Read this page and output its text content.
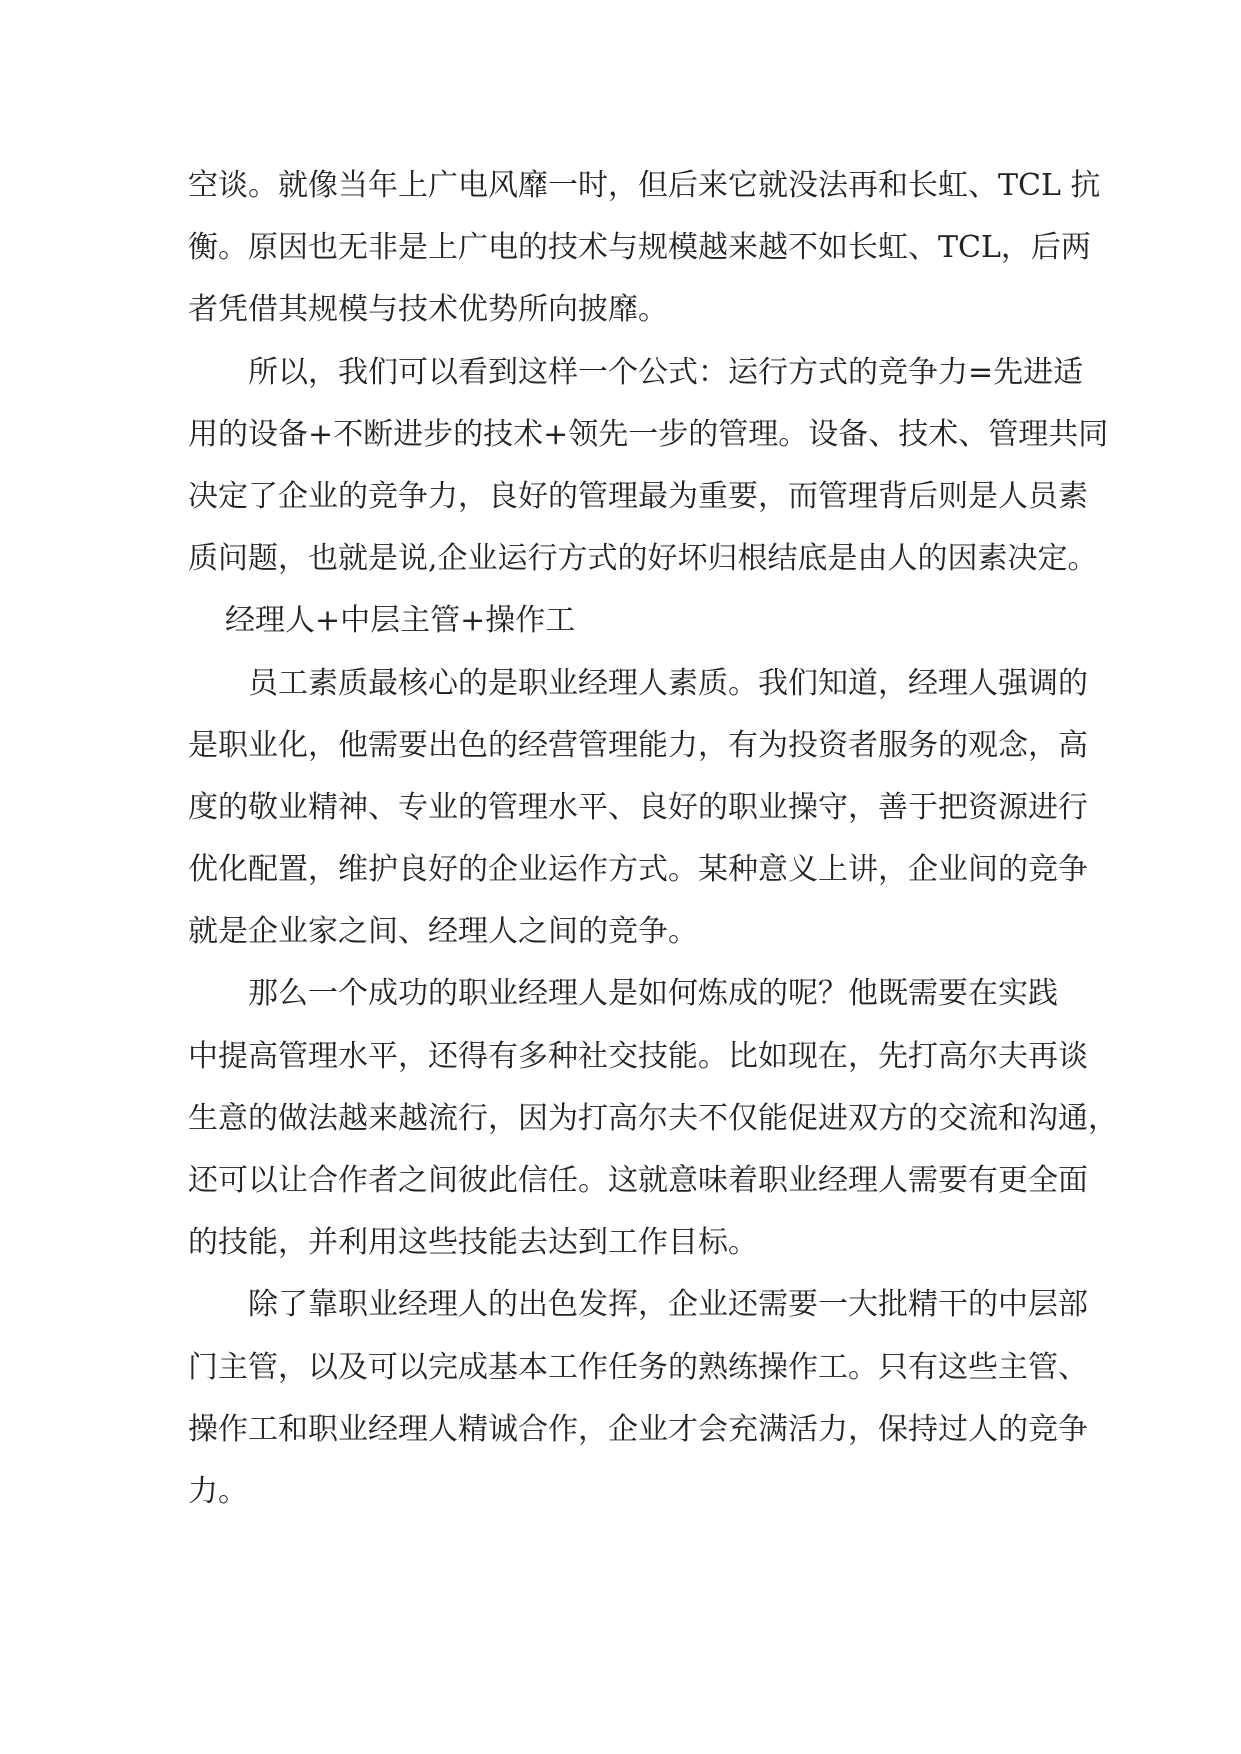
空谈。就像当年上广电风靡一时，但后来它就没法再和长虹、TCL 抗
衡。原因也无非是上广电的技术与规模越来越不如长虹、TCL，后两
者凭借其规模与技术优势所向披靡。
所以，我们可以看到这样一个公式：运行方式的竞争力=先进适
用的设备+不断进步的技术+领先一步的管理。设备、技术、管理共同
决定了企业的竞争力，良好的管理最为重要，而管理背后则是人员素
质问题，也就是说,企业运行方式的好坏归根结底是由人的因素决定。
经理人+中层主管+操作工
员工素质最核心的是职业经理人素质。我们知道，经理人强调的
是职业化，他需要出色的经营管理能力，有为投资者服务的观念，高
度的敬业精神、专业的管理水平、良好的职业操守，善于把资源进行
优化配置，维护良好的企业运作方式。某种意义上讲，企业间的竞争
就是企业家之间、经理人之间的竞争。
那么一个成功的职业经理人是如何炼成的呢？他既需要在实践
中提高管理水平，还得有多种社交技能。比如现在，先打高尔夫再谈
生意的做法越来越流行，因为打高尔夫不仅能促进双方的交流和沟通，
还可以让合作者之间彼此信任。这就意味着职业经理人需要有更全面
的技能，并利用这些技能去达到工作目标。
除了靠职业经理人的出色发挥，企业还需要一大批精干的中层部
门主管，以及可以完成基本工作任务的熟练操作工。只有这些主管、
操作工和职业经理人精诚合作，企业才会充满活力，保持过人的竞争
力。
